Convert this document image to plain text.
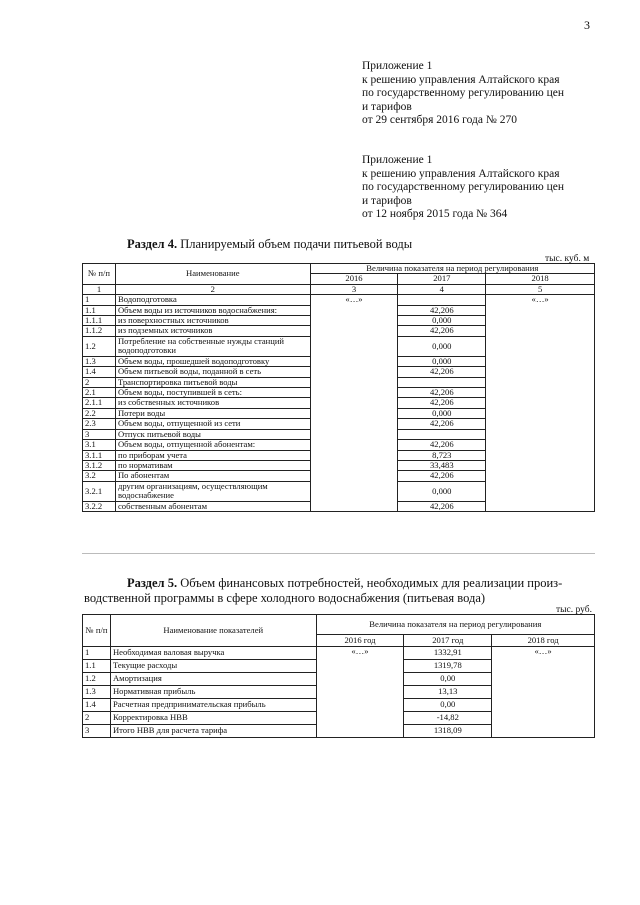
3
Приложение 1
к решению управления Алтайского края
по государственному регулированию цен
и тарифов
от 29 сентября 2016 года № 270
Приложение 1
к решению управления Алтайского края
по государственному регулированию цен
и тарифов
от 12 ноября 2015 года № 364
Раздел 4. Планируемый объем подачи питьевой воды
тыс. куб. м
№ п/п	Наименование	Величина показателя на период регулирования		
		2016	2017	2018
1	2	3	4	5
1	Водоподготовка	«…»		«…»
1.1	Объем воды из источников водоснабжения:		42,206	
1.1.1	из поверхностных источников		0,000	
1.1.2	из подземных источников		42,206	
1.2	Потребление на собственные нужды станций водоподготовки		0,000	
1.3	Объем воды, прошедшей водоподготовку		0,000	
1.4	Объем питьевой воды, поданной в сеть		42,206	
2	Транспортировка питьевой воды			
2.1	Объем воды, поступившей в сеть:		42,206	
2.1.1	из собственных источников		42,206	
2.2	Потери воды		0,000	
2.3	Объем воды, отпущенной из сети		42,206	
3	Отпуск питьевой воды			
3.1	Объем воды, отпущенной абонентам:		42,206	
3.1.1	по приборам учета		8,723	
3.1.2	по нормативам		33,483	
3.2	По абонентам		42,206	
3.2.1	другим организациям, осуществляющим водоснабжение		0,000	
3.2.2	собственным абонентам		42,206	
Раздел 5. Объем финансовых потребностей, необходимых для реализации произ-
водственной программы в сфере холодного водоснабжения (питьевая вода)
тыс. руб.
№ п/п	Наименование показателей	Величина показателя на период регулирования		
		2016 год	2017 год	2018 год
1	Необходимая валовая выручка	«…»	1332,91	«…»
1.1	Текущие расходы		1319,78	
1.2	Амортизация		0,00	
1.3	Нормативная прибыль		13,13	
1.4	Расчетная предпринимательская прибыль		0,00	
2	Корректировка НВВ		-14,82	
3	Итого НВВ для расчета тарифа		1318,09	
